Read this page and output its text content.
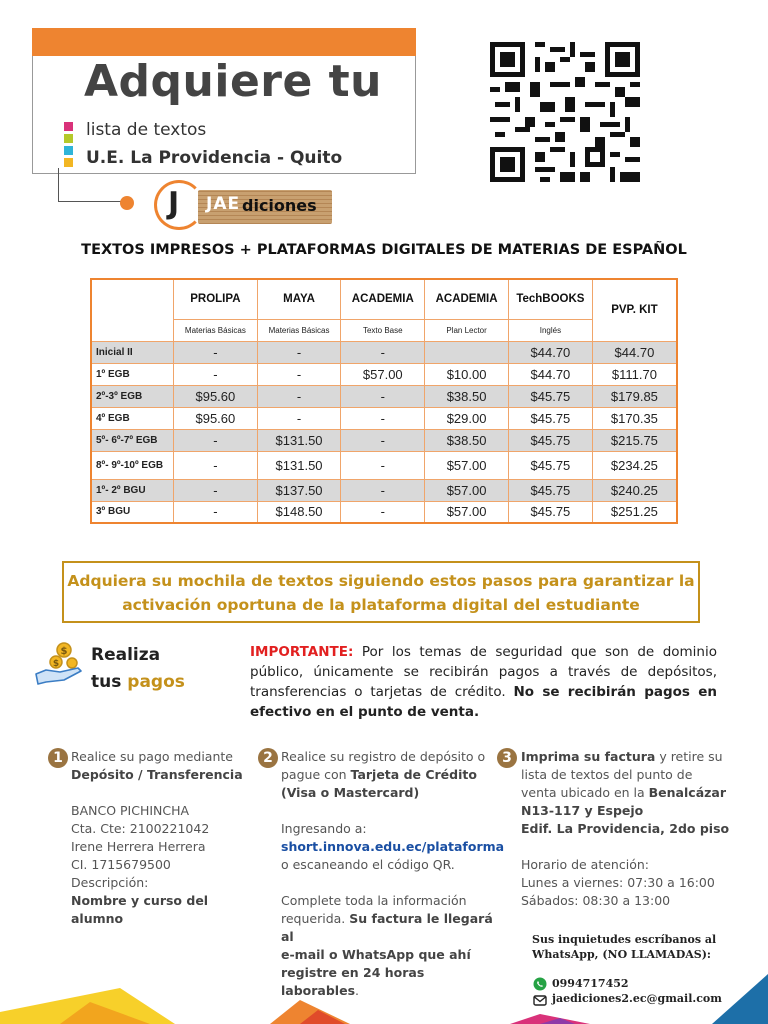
Adquiere tu
lista de textos
U.E. La Providencia - Quito
J JAE diciones
TEXTOS IMPRESOS + PLATAFORMAS DIGITALES DE MATERIAS DE ESPAÑOL
	PROLIPA	MAYA	ACADEMIA	ACADEMIA	TechBOOKS	PVP. KIT
	Materias Básicas	Materias Básicas	Texto Base	Plan Lector	Inglés	
Inicial II	-	-	-		$44.70	$44.70
1º EGB	-	-	$57.00	$10.00	$44.70	$111.70
2º-3º EGB	$95.60	-	-	$38.50	$45.75	$179.85
4º EGB	$95.60	-	-	$29.00	$45.75	$170.35
5º- 6º-7º EGB	-	$131.50	-	$38.50	$45.75	$215.75
8º- 9º-10º EGB	-	$131.50	-	$57.00	$45.75	$234.25
1º- 2º BGU	-	$137.50	-	$57.00	$45.75	$240.25
3º BGU	-	$148.50	-	$57.00	$45.75	$251.25
Adquiera su mochila de textos siguiendo estos pasos para garantizar la
activación oportuna de la plataforma digital del estudiante
$
$ Realiza
tus pagos
IMPORTANTE: Por los temas de seguridad que son de dominio público, únicamente se recibirán pagos a través de depósitos, transferencias o tarjetas de crédito. No se recibirán pagos en efectivo en el punto de venta.
1 Realice su pago mediante
Depósito / Transferencia
BANCO PICHINCHA
Cta. Cte: 2100221042
Irene Herrera Herrera
CI. 1715679500
Descripción:
Nombre y curso del alumno
2 Realice su registro de depósito o
pague con Tarjeta de Crédito
(Visa o Mastercard)
Ingresando a:
short.innova.edu.ec/plataforma
o escaneando el código QR.
Complete toda la información
requerida. Su factura le llegará al
e-mail o WhatsApp que ahí
registre en 24 horas laborables.
3 Imprima su factura y retire su
lista de textos del punto de
venta ubicado en la Benalcázar
N13-117 y Espejo
Edif. La Providencia, 2do piso
Horario de atención:
Lunes a viernes: 07:30 a 16:00
Sábados: 08:30 a 13:00
Sus inquietudes escríbanos al WhatsApp, (NO LLAMADAS):
0994717452
jaediciones2.ec@gmail.com
